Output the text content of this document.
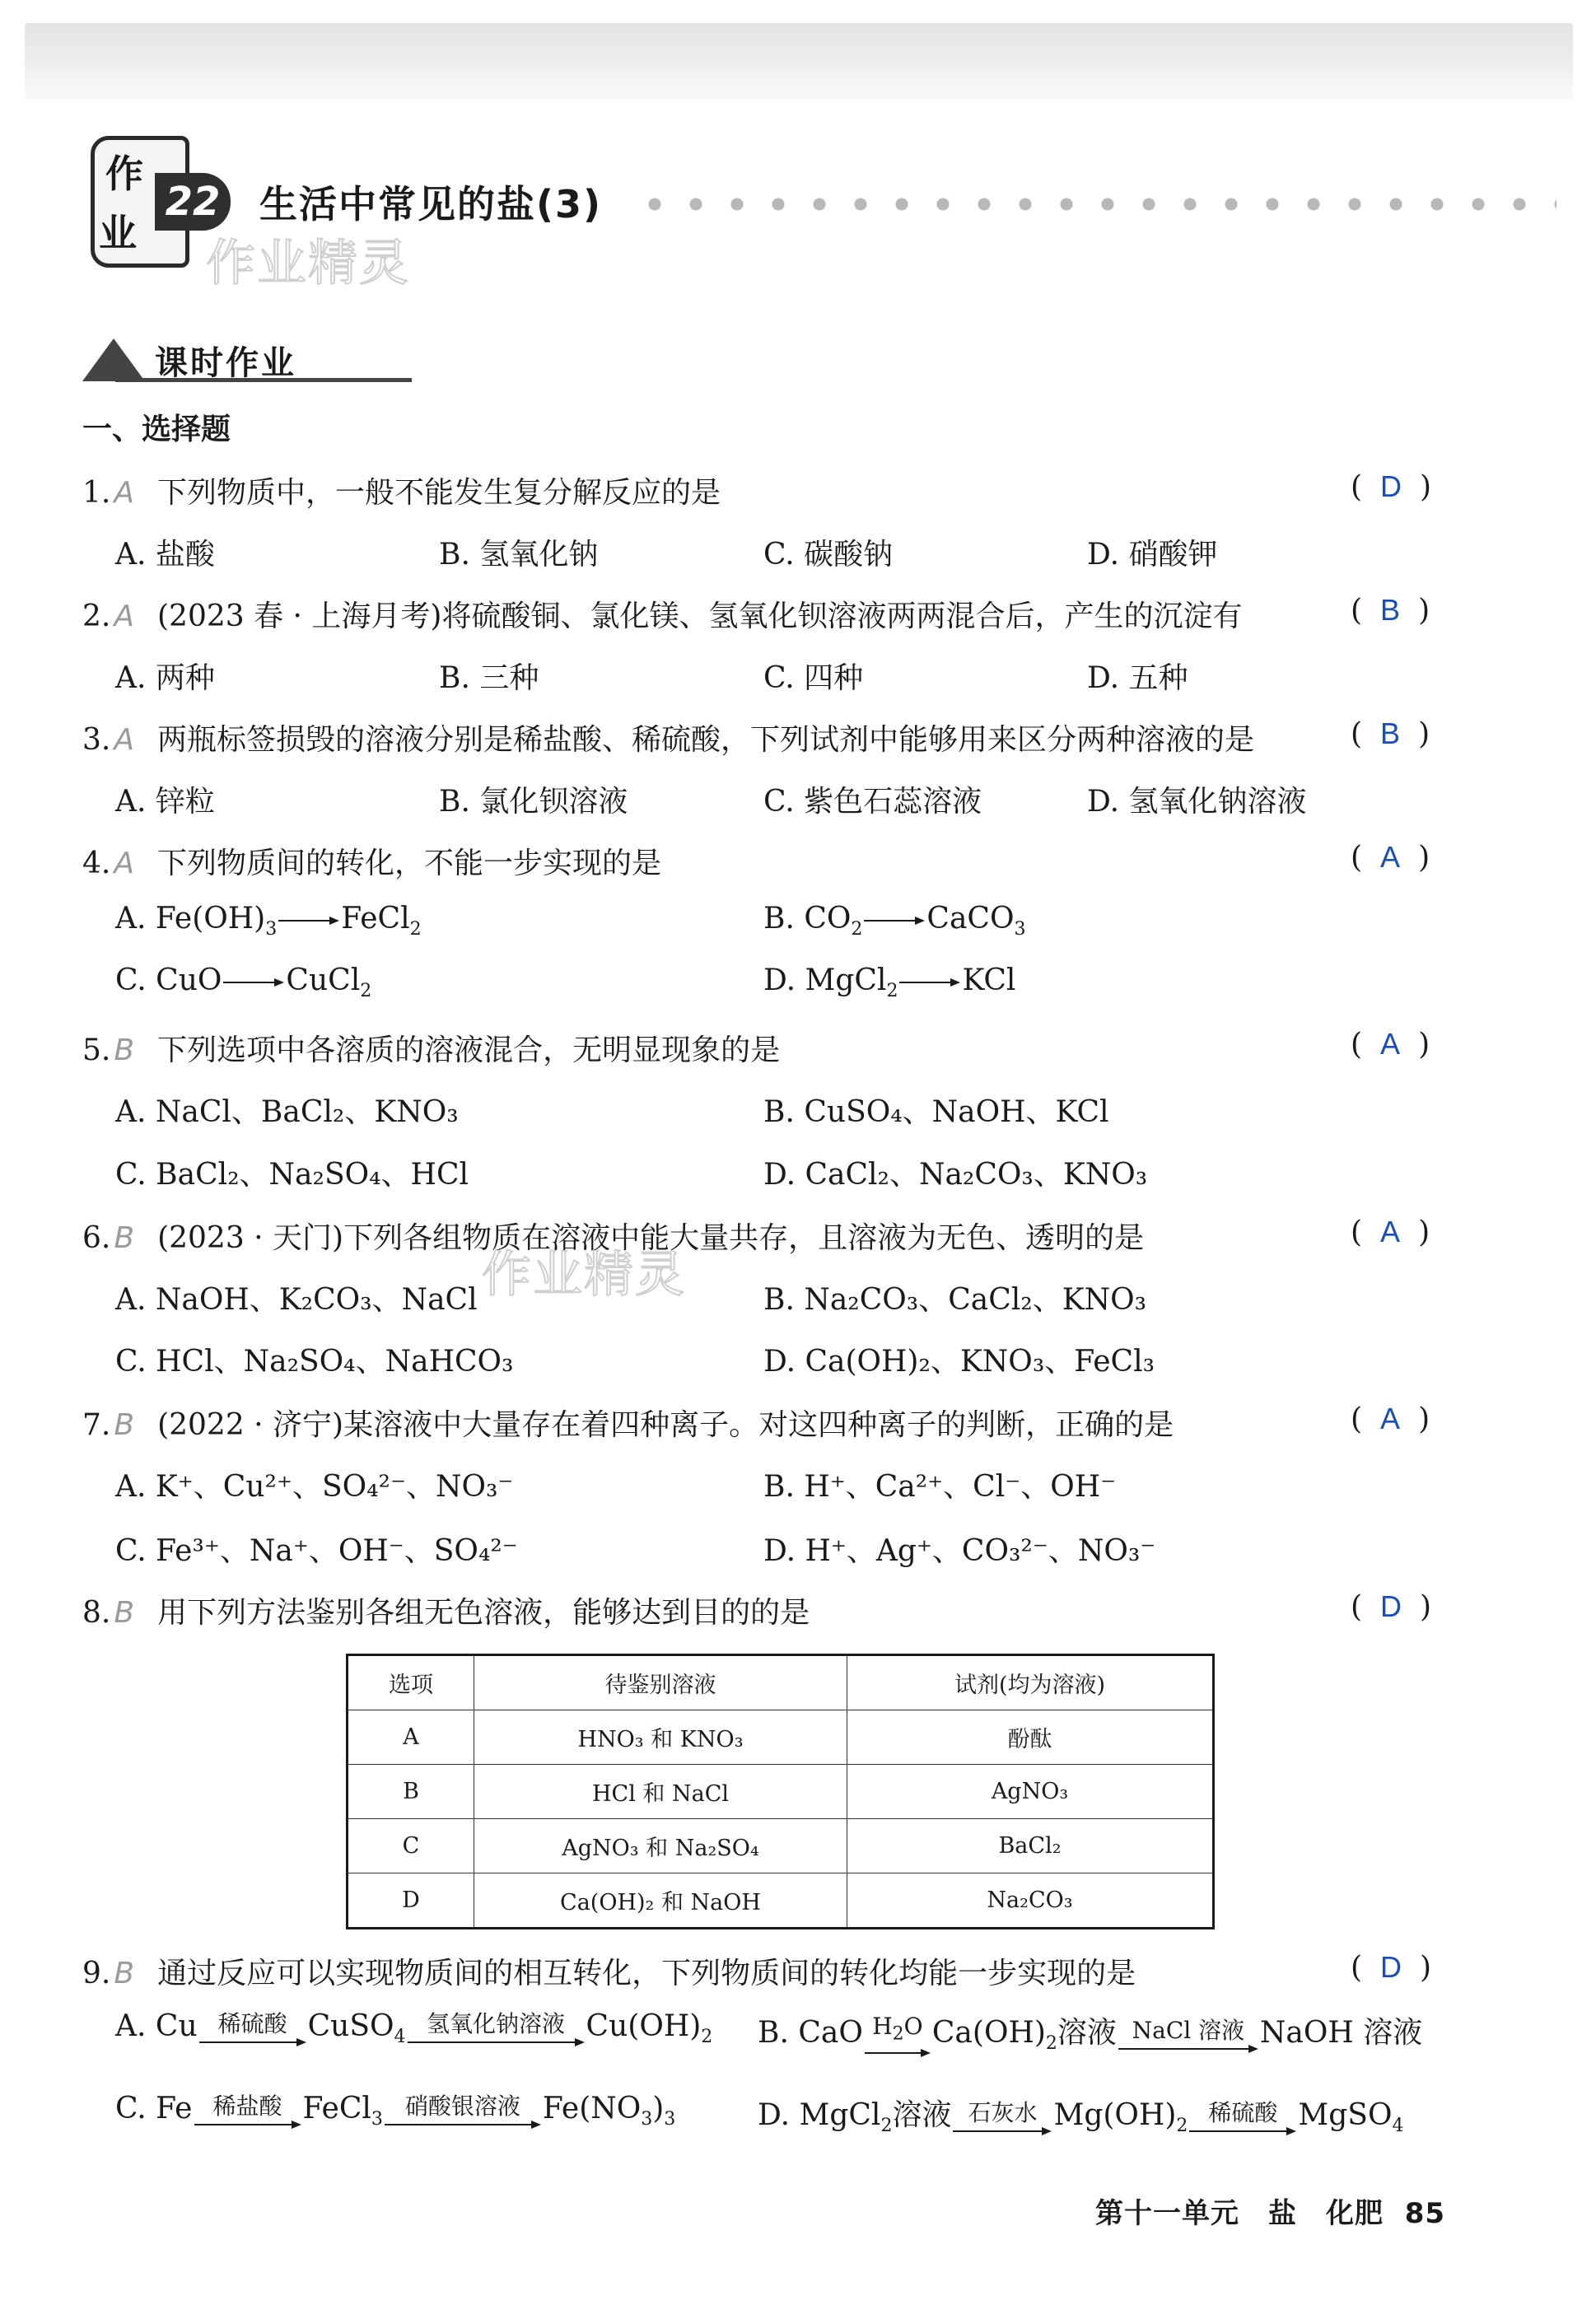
作
业
22 生活中常见的盐(3)
作业精灵
作业精灵
课时作业
一、选择题
1. A 下列物质中，一般不能发生复分解反应的是	( D )
A. 盐酸	B. 氢氧化钠	C. 碳酸钠	D. 硝酸钾
2. A (2023 春 · 上海月考)将硫酸铜、氯化镁、氢氧化钡溶液两两混合后，产生的沉淀有	( B )
A. 两种	B. 三种	C. 四种	D. 五种
3. A 两瓶标签损毁的溶液分别是稀盐酸、稀硫酸，下列试剂中能够用来区分两种溶液的是	( B )
A. 锌粒	B. 氯化钡溶液	C. 紫色石蕊溶液	D. 氢氧化钠溶液
4. A 下列物质间的转化，不能一步实现的是	( A )
A. $Fe(OH)_3$ FeCl$_2$	B. $CO_2$ CaCO$_3$
C. CuO CuCl$_2$	D. MgCl$_2$ KCl
5. B 下列选项中各溶质的溶液混合，无明显现象的是	( A )
A. NaCl、BaCl₂、KNO₃	B. CuSO₄、NaOH、KCl
C. BaCl₂、Na₂SO₄、HCl	D. CaCl₂、Na₂CO₃、KNO₃
6. B (2023 · 天门)下列各组物质在溶液中能大量共存，且溶液为无色、透明的是	( A )
A. NaOH、K₂CO₃、NaCl	B. Na₂CO₃、CaCl₂、KNO₃
C. HCl、Na₂SO₄、NaHCO₃	D. Ca(OH)₂、KNO₃、FeCl₃
7. B (2022 · 济宁)某溶液中大量存在着四种离子。对这四种离子的判断，正确的是	( A )
A. K⁺、Cu²⁺、SO₄²⁻、NO₃⁻	B. H⁺、Ca²⁺、Cl⁻、OH⁻
C. Fe³⁺、Na⁺、OH⁻、SO₄²⁻	D. H⁺、Ag⁺、CO₃²⁻、NO₃⁻
8. B 用下列方法鉴别各组无色溶液，能够达到目的的是	( D )
选项	待鉴别溶液	试剂(均为溶液)
A	HNO₃ 和 KNO₃	酚酞
B	HCl 和 NaCl	AgNO₃
C	AgNO₃ 和 Na₂SO₄	BaCl₂
D	Ca(OH)₂ 和 NaOH	Na₂CO₃
9. B 通过反应可以实现物质间的相互转化，下列物质间的转化均能一步实现的是	( D )
A. Cu 稀硫酸 CuSO$_4$ 氢氧化钠溶液 $Cu(OH)_2$ B. CaO $H_2O$ $Ca(OH)_2$溶液 NaCl 溶液 NaOH 溶液
C. Fe 稀盐酸 FeCl$_3$ 硝酸银溶液 $Fe(NO_3)_3$	D. MgCl$_2$溶液 石灰水 $Mg(OH)_2$ 稀硫酸 MgSO$_4$
第十一单元　盐　化肥 85
